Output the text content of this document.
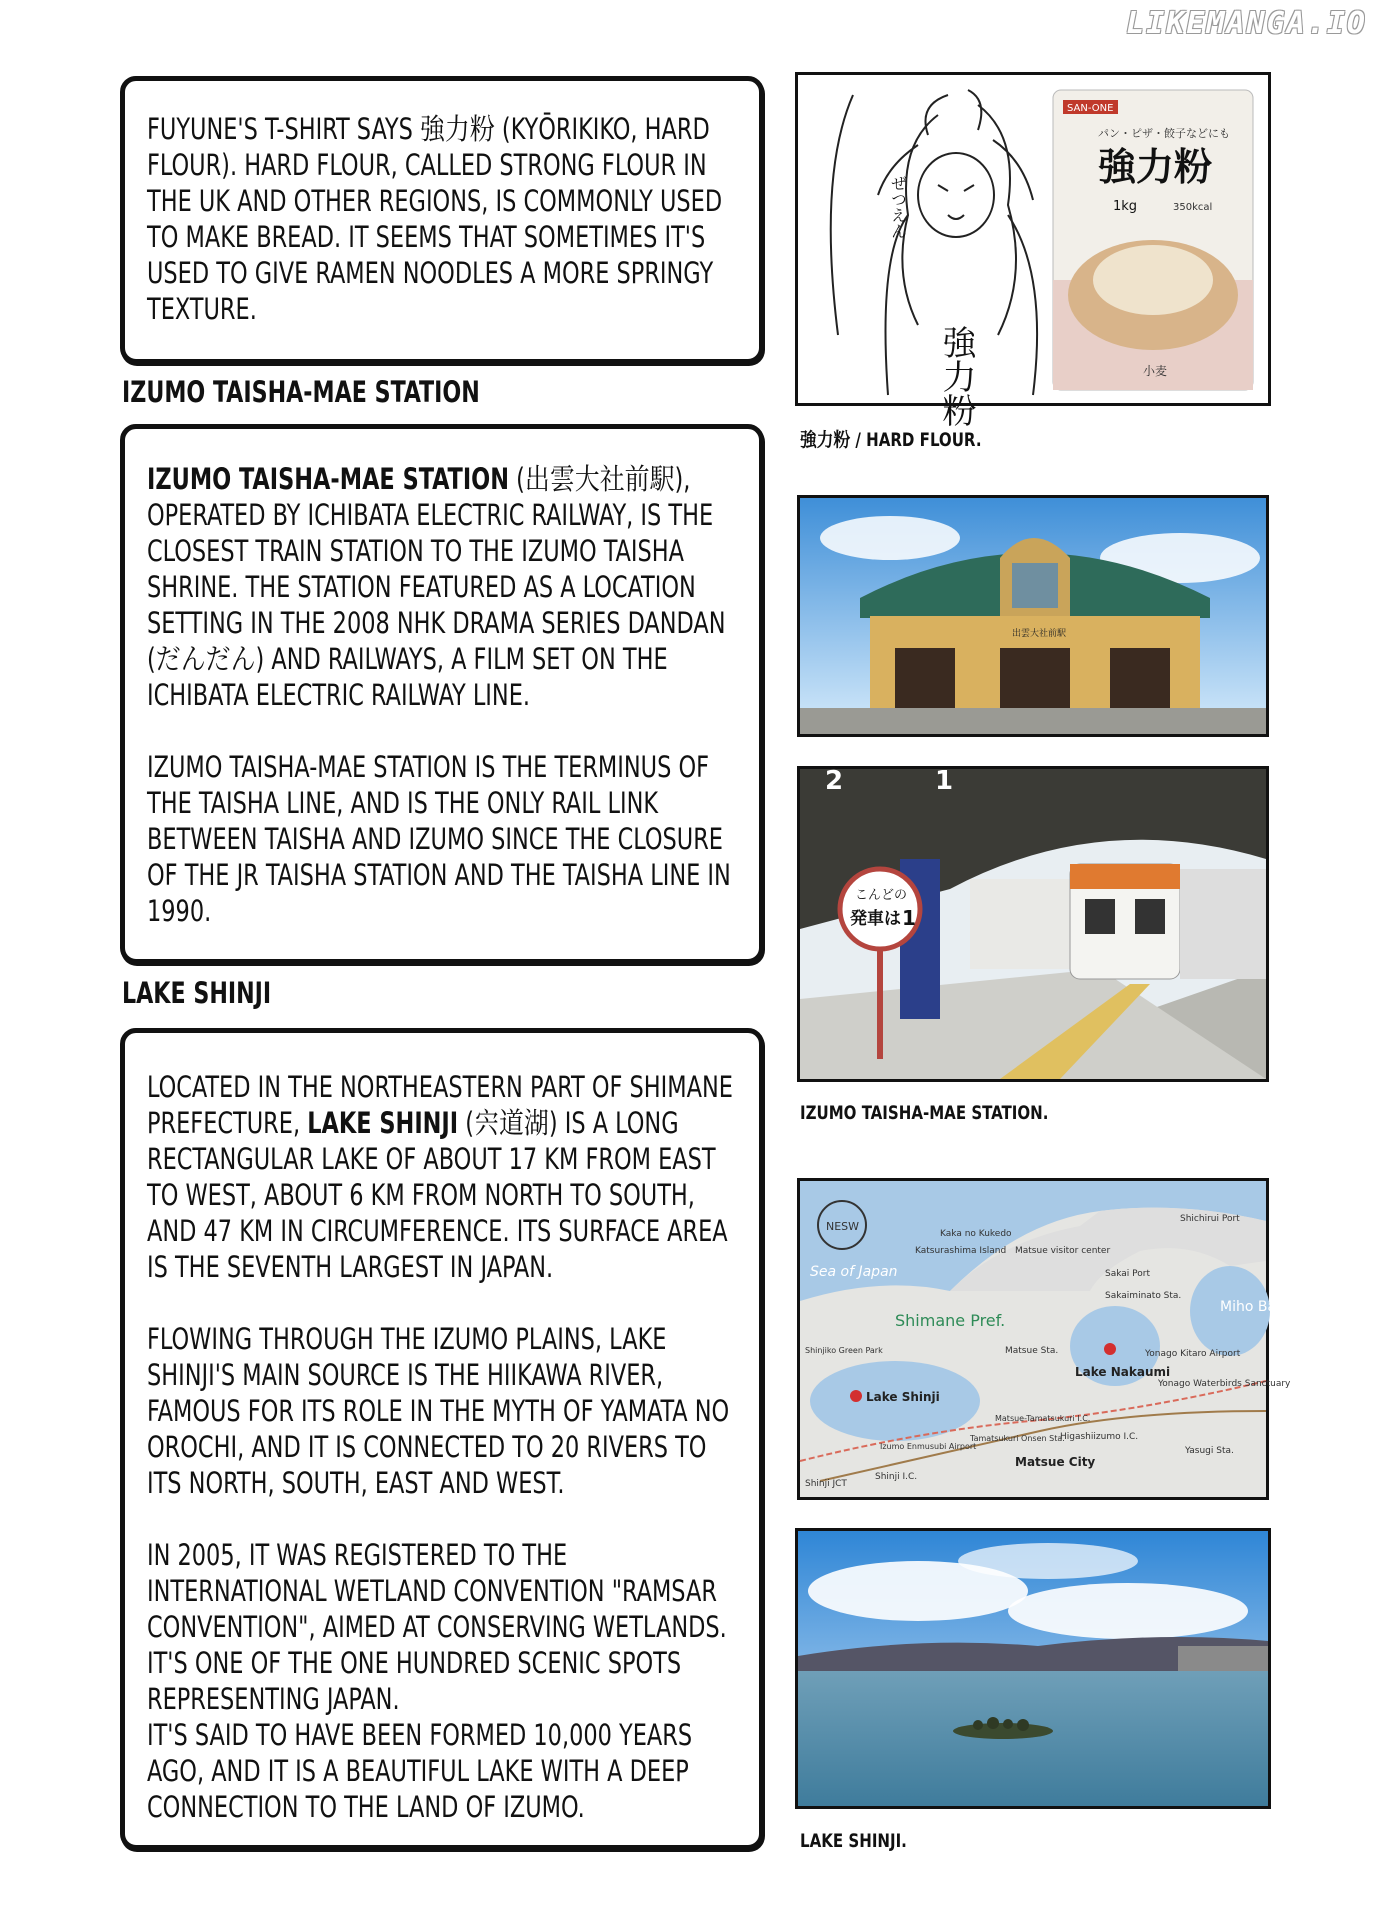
LIKEMANGA.IO

FUYUNE'S T-SHIRT SAYS 強力粉 (KYŌRIKIKO, HARD FLOUR). HARD FLOUR, CALLED STRONG FLOUR IN THE UK AND OTHER REGIONS, IS COMMONLY USED TO MAKE BREAD. IT SEEMS THAT SOMETIMES IT'S USED TO GIVE RAMEN NOODLES A MORE SPRINGY TEXTURE.

IZUMO TAISHA-MAE STATION

IZUMO TAISHA-MAE STATION (出雲大社前駅), OPERATED BY ICHIBATA ELECTRIC RAILWAY, IS THE CLOSEST TRAIN STATION TO THE IZUMO TAISHA SHRINE. THE STATION FEATURED AS A LOCATION SETTING IN THE 2008 NHK DRAMA SERIES DANDAN (だんだん) AND RAILWAYS, A FILM SET ON THE ICHIBATA ELECTRIC RAILWAY LINE.

IZUMO TAISHA-MAE STATION IS THE TERMINUS OF THE TAISHA LINE, AND IS THE ONLY RAIL LINK BETWEEN TAISHA AND IZUMO SINCE THE CLOSURE OF THE JR TAISHA STATION AND THE TAISHA LINE IN 1990.

LAKE SHINJI

LOCATED IN THE NORTHEASTERN PART OF SHIMANE PREFECTURE, LAKE SHINJI (宍道湖) IS A LONG RECTANGULAR LAKE OF ABOUT 17 KM FROM EAST TO WEST, ABOUT 6 KM FROM NORTH TO SOUTH, AND 47 KM IN CIRCUMFERENCE. ITS SURFACE AREA IS THE SEVENTH LARGEST IN JAPAN.

FLOWING THROUGH THE IZUMO PLAINS, LAKE SHINJI'S MAIN SOURCE IS THE HIIKAWA RIVER, FAMOUS FOR ITS ROLE IN THE MYTH OF YAMATA NO OROCHI, AND IT IS CONNECTED TO 20 RIVERS TO ITS NORTH, SOUTH, EAST AND WEST.

IN 2005, IT WAS REGISTERED TO THE INTERNATIONAL WETLAND CONVENTION "RAMSAR CONVENTION", AIMED AT CONSERVING WETLANDS. IT'S ONE OF THE ONE HUNDRED SCENIC SPOTS REPRESENTING JAPAN.

IT'S SAID TO HAVE BEEN FORMED 10,000 YEARS AGO, AND IT IS A BEAUTIFUL LAKE WITH A DEEP CONNECTION TO THE LAND OF IZUMO.

強力粉
ぜつえん
SAN-ONE
パン・ピザ・餃子などにも
強力粉
1kg	350kcal
小麦
強力粉 / HARD FLOUR.
出雲大社前駅
こんどの
発車は 1
2	1
IZUMO TAISHA-MAE STATION.
NESW
Sea of Japan
Shimane Pref.
Miho Bay
Kaka no Kukedo
Katsurashima Island Matsue visitor center
Shichirui Port
Sakai Port
Sakaiminato Sta.
Shinjiko Green Park	Matsue Sta.	Yonago Kitaro Airport
Lake Nakaumi
Yonago Waterbirds Sanctuary
Lake Shinji
Matsue-Tamatsukuri I.C.
Tamatsukuri Onsen Sta.
Higashiizumo I.C.
Izumo Enmusubi Airport
Matsue City
Yasugi Sta.
Shinji JCT
Shinji I.C.
LAKE SHINJI.
